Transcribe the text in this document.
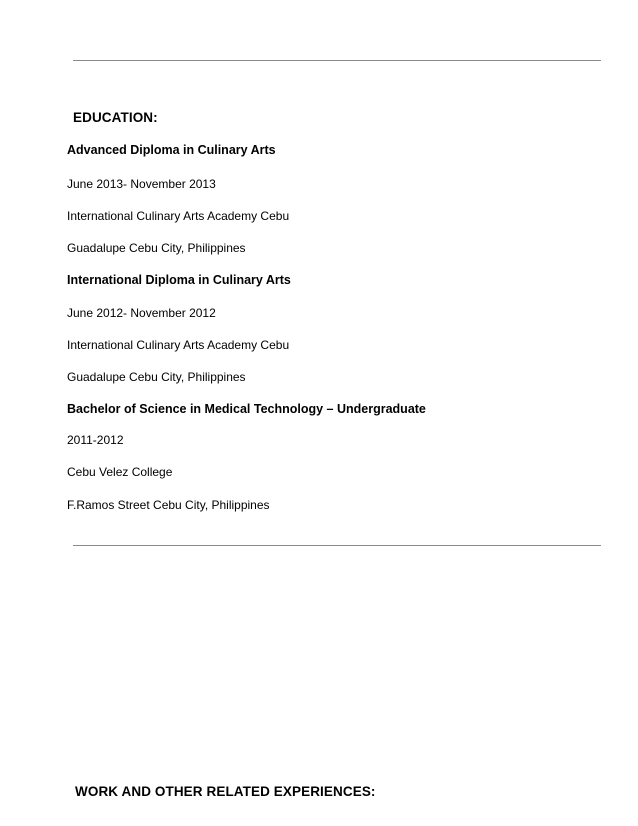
EDUCATION:
Advanced Diploma in Culinary Arts
June 2013- November 2013
International Culinary Arts Academy Cebu
Guadalupe Cebu City, Philippines
International Diploma in Culinary Arts
June 2012- November 2012
International Culinary Arts Academy Cebu
Guadalupe Cebu City, Philippines
Bachelor of Science in Medical Technology – Undergraduate
2011-2012
Cebu Velez College
F.Ramos Street Cebu City, Philippines
WORK AND OTHER RELATED EXPERIENCES:
